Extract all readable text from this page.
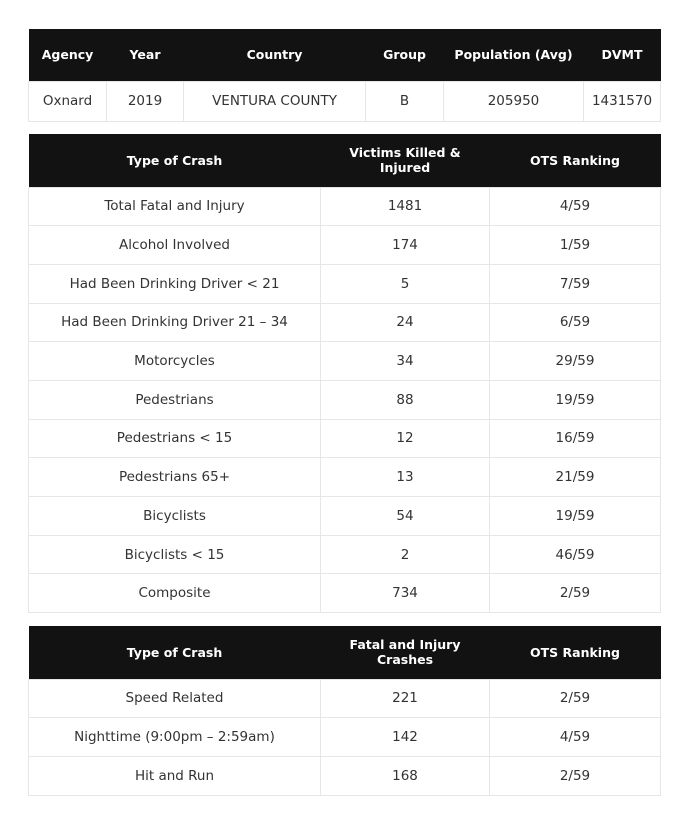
Agency	Year	Country	Group	Population (Avg)	DVMT
Oxnard	2019	VENTURA COUNTY	B	205950	1431570
Type of Crash	Victims Killed & Injured	OTS Ranking
Total Fatal and Injury	1481	4/59
Alcohol Involved	174	1/59
Had Been Drinking Driver < 21	5	7/59
Had Been Drinking Driver 21 – 34	24	6/59
Motorcycles	34	29/59
Pedestrians	88	19/59
Pedestrians < 15	12	16/59
Pedestrians 65+	13	21/59
Bicyclists	54	19/59
Bicyclists < 15	2	46/59
Composite	734	2/59
Type of Crash	Fatal and Injury Crashes	OTS Ranking
Speed Related	221	2/59
Nighttime (9:00pm – 2:59am)	142	4/59
Hit and Run	168	2/59
